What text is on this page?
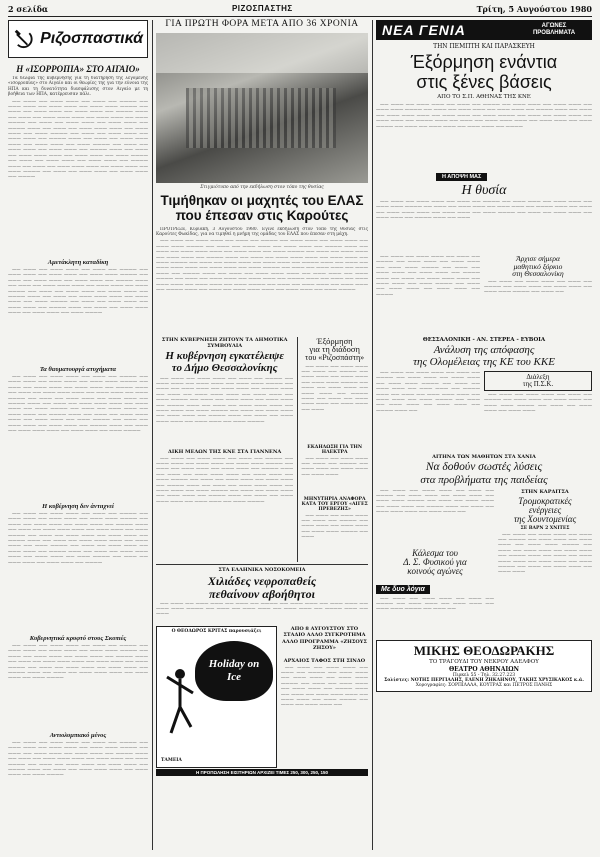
2 σελίδα	ΡΙΖΟΣΠΑΣΤΗΣ	Τρίτη, 5 Αυγούστου 1980
Ριζοσπαστικά
Η «ΙΣΟΡΡΟΠΙΑ» ΣΤΟ ΑΙΓΑΙΟ»

Τα δέλφια της κυβέρνησης για τη διατήρηση της λεγόμενης «ισορροπίας» στο Αιγαίο και οι θεωρίες της για την εύνοια της ΗΠΑ και τη δυνατότητα διασφάλισης στον Αιγαίο με τη βοήθεια των ΗΠΑ, κατέρρευσαν πάλι.

—— ——— —— ——— ——— —— ——— —— ———— —— ——— ——— —— ——— ——— —— ——— ——— ———— —— ——— —— ——— ——— —— ——— ——— —— ———— ——— —— ——— —— ——— ——— ——— —— ——— ——— —— ——— ———— —— ——— —— ——— ——— —— ——— ——— —— ———— ——— —— ——— —— ——— ——— ——— —— ——— ——— —— ——— ———— —— ——— —— ——— ——— —— ——— ——— —— ———— ——— —— ——— —— ——— ——— ——— —— ——— ——— —— ——— ———— —— ——— —— ——— ——— —— ——— ——— —— ———— ——— —— ——— —— ——— ——— ——— —— ——— ——— —— ——— ———— —— ——— —— ——— ——— —— ——— ——— —— ———— ——— —— ——— —— ——— ——— ——— —— ——— ——— —— ——— ———— —— ——— —— ——— ——— —— ——— ——— —— ————

Αμετάκλητη καταδίκη

—— ——— —— ——— ——— —— ——— —— ———— —— ——— ——— —— ——— ——— —— ——— ——— ———— —— ——— —— ——— ——— —— ——— ——— —— ———— ——— —— ——— —— ——— ——— ——— —— ——— ——— —— ——— ———— —— ——— —— ——— ——— —— ——— ——— —— ———— ——— —— ——— —— ——— ——— ——— —— ——— ——— —— ——— ———— —— ——— —— ——— ——— —— ——— ——— —— ———— ——— —— ——— —— ——— ——— ——— —— ——— ——— —— ——— ————

Τα θαυματουργά ατυχήματα

—— ——— —— ——— ——— —— ——— —— ———— —— ——— ——— —— ——— ——— —— ——— ——— ———— —— ——— —— ——— ——— —— ——— ——— —— ———— ——— —— ——— —— ——— ——— ——— —— ——— ——— —— ——— ———— —— ——— —— ——— ——— —— ——— ——— —— ———— ——— —— ——— —— ——— ——— ——— —— ——— ——— —— ——— ———— —— ——— —— ——— ——— —— ——— ——— —— ———— ——— —— ——— —— ——— ——— ——— —— ——— ——— —— ——— ———— —— ——— —— ——— ——— —— ——— ——— —— ———— ——— —— ——— —— ——— ——— ——— —— ——— ——— —— ——— ————

Η κυβέρνηση δεν άντιιχνεί

—— ——— —— ——— ——— —— ——— —— ———— —— ——— ——— —— ——— ——— —— ——— ——— ———— —— ——— —— ——— ——— —— ——— ——— —— ———— ——— —— ——— —— ——— ——— ——— —— ——— ——— —— ——— ———— —— ——— —— ——— ——— —— ——— ——— —— ———— ——— —— ——— —— ——— ——— ——— —— ——— ——— —— ——— ———— —— ——— —— ——— ——— —— ——— ——— —— ———— ——— —— ——— —— ——— ——— ——— —— ——— ——— —— ——— ———— —— ——— —— ——— ——— —— ——— ——— —— ————

Κυβερνητικά κρυφτό στους Σκοπιές

—— ——— —— ——— ——— —— ——— —— ———— —— ——— ——— —— ——— ——— —— ——— ——— ———— —— ——— —— ——— ——— —— ——— ——— —— ———— ——— —— ——— —— ——— ——— ——— —— ——— ——— —— ——— ———— —— ——— —— ——— ——— —— ——— ——— —— ———— ——— —— ——— —— ——— ——— ——— —— ——— ——— —— ——— ————

Αντιολυμπιακό μένος

—— ——— —— ——— ——— —— ——— —— ———— —— ——— ——— —— ——— ——— —— ——— ——— ———— —— ——— —— ——— ——— —— ——— ——— —— ———— ——— —— ——— —— ——— ——— ——— —— ——— ——— —— ——— ———— —— ——— —— ——— ——— —— ——— ——— —— ———— ——— —— ——— —— ——— ——— ——— —— ——— ——— —— ——— ————

ΓΙΑ ΠΡΩΤΗ ΦΟΡΑ ΜΕΤΑ ΑΠΟ 36 ΧΡΟΝΙΑ
Στιγμιότυπο από την εκδήλωση στον τόπο της θυσίας
Τιμήθηκαν οι μαχητές του ΕΛΑΣ
που έπεσαν στις Καρούτες

ΠΡΟΤΡΕΞΕ, Κυριακή, 3 Αυγούστου 1980. Έγινε εκδήλωση στον τόπο της θυσίας στις Καρούτες Φωκίδας, για να τιμηθεί η μνήμη της ομάδας του ΕΛΑΣ που έπεσαν στη μάχη.

—— ——— —— ——— ——— —— ——— —— ———— —— ——— ——— —— ——— ——— —— ——— ——— ———— —— ——— —— ——— ——— —— ——— ——— —— ———— ——— —— ——— —— ——— ——— ——— —— ——— ——— —— ——— ———— —— ——— —— ——— ——— —— ——— ——— —— ———— ——— —— ——— —— ——— ——— ——— —— ——— ——— —— ——— ———— —— ——— —— ——— ——— —— ——— ——— —— ———— ——— —— ——— —— ——— ——— ——— —— ——— ——— —— ——— ———— —— ——— —— ——— ——— —— ——— ——— —— ———— ——— —— ——— —— ——— ——— ——— —— ——— ——— —— ——— ———— —— ——— —— ——— ——— —— ——— ——— —— ———— ——— —— ——— —— ——— ——— ——— —— ——— ——— —— ——— ———— —— ——— —— ——— ——— —— ——— ——— —— ———— ——— —— ——— —— ——— ——— ——— —— ——— ——— —— ——— ————

ΣΤΗΝ ΚΥΒΕΡΝΗΣΗ ΖΗΤΟΥΝ ΤΑ ΔΗΜΟΤΙΚΑ ΣΥΜΒΟΥΛΙΑ
Η κυβέρνηση εγκατέλειψε
το Δήμο Θεσσαλονίκης

—— ——— —— ——— ——— —— ——— —— ———— —— ——— ——— —— ——— ——— —— ——— ——— ———— —— ——— —— ——— ——— —— ——— ——— —— ———— ——— —— ——— —— ——— ——— ——— —— ——— ——— —— ——— ———— —— ——— —— ——— ——— —— ——— ——— —— ———— ——— —— ——— —— ——— ——— ——— —— ——— ——— —— ——— ———— —— ——— —— ——— ——— —— ——— ——— —— ———— ——— —— ——— —— ——— ——— ——— —— ——— ——— —— ——— ————

ΔΙΚΗ ΜΕΛΩΝ ΤΗΣ ΚΝΕ ΣΤΑ ΓΙΑΝΝΕΝΑ

—— ——— —— ——— ——— —— ——— —— ———— —— ——— ——— —— ——— ——— —— ——— ——— ———— —— ——— —— ——— ——— —— ——— ——— —— ———— ——— —— ——— —— ——— ——— ——— —— ——— ——— —— ——— ———— —— ——— —— ——— ——— —— ——— ——— —— ———— ——— —— ——— —— ——— ——— ——— —— ——— ——— —— ——— ———— —— ——— —— ——— ——— —— ——— ——— —— ———— ——— —— ——— —— ——— ——— ——— —— ——— ——— —— ——— ————

Έξόρμηση
για τη διάδοση
του «Ριζοσπάστη»

—— ——— —— ——— ——— —— ——— —— ———— —— ——— ——— —— ——— ——— —— ——— ——— ———— —— ——— —— ——— ——— —— ——— ——— —— ———— ——— —— ——— —— ——— ——— ——— —— ——— ——— —— ———

ΕΚΔΗΛΩΣΗ ΓΙΑ ΤΗΝ ΗΛΕΚΤΡΑ

—— ——— —— ——— ——— —— ——— —— ———— —— ——— ——— —— ——— ——— —— ——— ———

ΜΗΝΥΤΗΡΙΑ ΑΝΑΦΟΡΑ ΚΑΤΑ ΤΟΥ ΕΡΓΟΥ «ΑΙΓΕΣ ΠΡΕΒΕΖΗΣ»

—— ——— —— ——— ——— —— ——— —— ———— —— ——— ——— —— ——— ——— —— ——— ——— ———— —— ———

ΣΤΑ ΕΛΛΗΝΙΚΑ ΝΟΣΟΚΟΜΕΙΑ
Χιλιάδες νεφροπαθείς
πεθαίνουν αβοήθητοι

—— ——— —— ——— ——— —— ——— —— ———— —— ——— ——— —— ——— ——— —— ——— ——— ———— —— ——— —— ——— ——— —— ——— ——— —— ———— ——— —— ———

Ο ΘΕΟΔΩΡΟΣ ΚΡΙΤΑΣ παρουσιάζει
Holiday on Ice
ΤΑΜΕΙΑ
ΑΠΟ 8 ΑΥΓΟΥΣΤΟΥ ΣΤΟ ΣΤΑΔΙΟ ΑΛΛΟ ΣΥΓΚΡΟΤΗΜΑ ΑΛΛΟ ΠΡΟΓΡΑΜΜΑ «ΖΗΣΟΥΣ ΖΗΣΟΥ»
ΑΡΧΑΙΟΣ ΤΑΦΟΣ ΣΤΗ ΣΙΝΔΟ

—— ——— —— ——— ——— —— ——— —— ———— —— ——— ——— —— ——— ——— —— ——— ——— ———— —— ——— —— ——— ——— —— ——— ——— —— ———— ——— —— ——— —— ——— ——— ——— —— ——— ——— —— ——— ———— —— ——— —— ——— ——— ——

Η ΠΡΟΠΩΛΗΣΗ ΕΙΣΙΤΗΡΙΩΝ ΑΡΧΙΖΕΙ ΤΙΜΕΣ 250, 300, 250, 150
ΝΕΑ ΓΕΝΙΑ	ΑΓΩΝΕΣ ΠΡΟΒΛΗΜΑΤΑ
ΤΗΝ ΠΕΜΠΤΗ ΚΑΙ ΠΑΡΑΣΚΕΥΗ
Έξόρμηση ενάντια
στις ξένες βάσεις
ΑΠΟ ΤΟ Σ.Π. ΑΘΗΝΑΣ ΤΗΣ ΚΝΕ

—— ——— —— ——— ——— —— ——— —— ———— —— ——— ——— —— ——— ——— —— ——— ——— ———— —— ——— —— ——— ——— —— ——— ——— —— ———— ——— —— ——— —— ——— ——— ——— —— ——— ——— —— ——— ———— —— ——— —— ——— ——— —— ——— ——— —— ———— ——— —— ——— —— ——— ——— ——— —— ——— ——— —— ——— ———— —— ——— —— ——— ——— —— ——— ——— —— ————

Η ΑΠΟΨΗ ΜΑΣ
Η θυσία

—— ——— —— ——— ——— —— ——— —— ———— —— ——— ——— —— ——— ——— —— ——— ——— ———— —— ——— —— ——— ——— —— ——— ——— —— ———— ——— —— ——— —— ——— ——— ——— —— ——— ——— —— ——— ———— —— ——— —— ——— ——— —— ——— ——— —— ———— ——— —— ———

—— ——— —— ——— ——— —— ——— —— ———— —— ——— ——— —— ——— ——— —— ——— ——— ———— —— ——— —— ——— ——— —— ——— ——— —— ———— ——— —— ——— —— ——— ——— ——— —— ——— ——— —— ——— ———— —— ——— —— ——— ——— —— ——— ——— —— ————

Άρχισε σήμερα
μαθητικό ξόρκιο
στη Θεσσαλονίκη

—— ——— —— ——— ——— —— ——— —— ———— —— ——— ——— —— ——— ——— —— ——— ——— ———— —— ——— ——

ΘΕΣΣΑΛΟΝΙΚΗ - ΑΝ. ΣΤΕΡΕΑ - ΕΥΒΟΙΑ
Ανάλυση της απόφασης
της Ολομέλειας της ΚΕ του ΚΚΕ

—— ——— —— ——— ——— —— ——— —— ———— —— ——— ——— —— ——— ——— —— ——— ——— ———— —— ——— —— ——— ——— —— ——— ——— —— ———— ——— —— ——— —— ——— ——— ——— —— ——— ——— —— ——— ———— —— ——— —— ——— ——— —— ——— ——— —— ———— ——— ——

Διάλεξη
της Π.Σ.Κ.

—— ——— —— ——— ——— —— ——— —— ———— —— ——— ——— —— ——— ——— —— ——— ——— ———— —— ——— —— ——— ——— —— ——— ———

ΑΙΤΗΝΑ ΤΩΝ ΜΑΘΗΤΩΝ ΣΤΑ ΧΑΝΙΑ
Να δοθούν σωστές λύσεις
στα προβλήματα της παιδείας

—— ——— —— ——— ——— —— ——— —— ———— —— ——— ——— —— ——— ——— —— ——— ——— ———— —— ——— —— ——— ——— —— ——— ——— —— ———— ——— —— ——— —— ——— ——— ——— —— ——— ——— ——

Κάλεσμα του
Δ. Σ. Φυσικού για
κοινούς αγώνες
Με δυο λόγια

—— ——— —— ——— ——— —— ——— —— ———— —— ——— ——— —— ——— ——— —— ——— ——— ———— —— ——— ——

ΣΤΗΝ ΚΑΡΔΙΤΣΑ
Τρομοκρατικές
ενέργειες
της Χουντομενίας
ΣΕ ΒΑΡΝ 2 ΧΝΙΤΕΣ

—— ——— —— ——— ——— —— ——— —— ———— —— ——— ——— —— ——— ——— —— ——— ——— ———— —— ——— —— ——— ——— —— ——— ——— —— ———— ——— —— ——— —— ——— ——— ——— —— ——— ——— —— ——— ———— —— ——— —— ——— ——— —— ——— ———

ΜΙΚΗΣ ΘΕΟΔΩΡΑΚΗΣ
ΤΟ ΤΡΑΓΟΥΔΙ ΤΟΥ ΝΕΚΡΟΥ ΑΔΕΛΦΟΥ
ΘΕΑΤΡΟ ΑΘΗΝΑΙΩΝ
Πιρκελ 55 - Τηλ. 32.27.223
Σολίστες: ΝΟΤΗΣ ΠΕΡΓΙΑΛΗΣ, ΕΛΕΝΗ ΖΗΚΛΗΝΟΥ, ΤΑΚΗΣ ΧΡΥΣΙΚΑΚΟΣ κ.ά.
Χορογραφίες: ΣΟΡΠΙΛΑΛΑ, ΚΟΥΤΡΑΣ και ΠΕΤΡΟΣ ΠΑΝΗΣ
